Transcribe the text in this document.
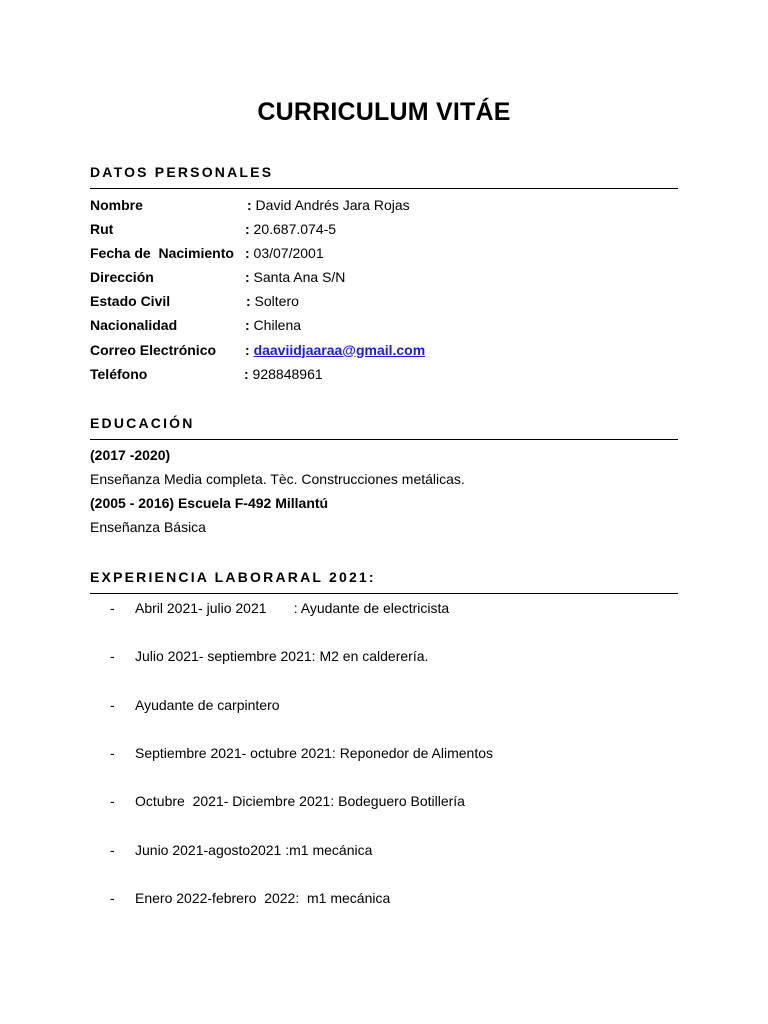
CURRICULUM VITÁE
DATOS PERSONALES
Nombre	: David Andrés Jara Rojas
Rut	: 20.687.074-5
Fecha de  Nacimiento : 03/07/2001
Dirección	: Santa Ana S/N
Estado Civil	: Soltero
Nacionalidad	: Chilena
Correo Electrónico : daaviidjaaraa@gmail.com
Teléfono	: 928848961
EDUCACIÓN
(2017 -2020)
Enseñanza Media completa. Tèc. Construcciones metálicas.
(2005 - 2016) Escuela F-492 Millantú
Enseñanza Básica
EXPERIENCIA LABORARAL 2021:

-

Abril 2021- julio 2021       : Ayudante de electricista

-

Julio 2021- septiembre 2021: M2 en calderería.

-

Ayudante de carpintero

-

Septiembre 2021- octubre 2021: Reponedor de Alimentos

-

Octubre  2021- Diciembre 2021: Bodeguero Botillería

-

Junio 2021-agosto2021 :m1 mecánica

-

Enero 2022-febrero  2022:  m1 mecánica
